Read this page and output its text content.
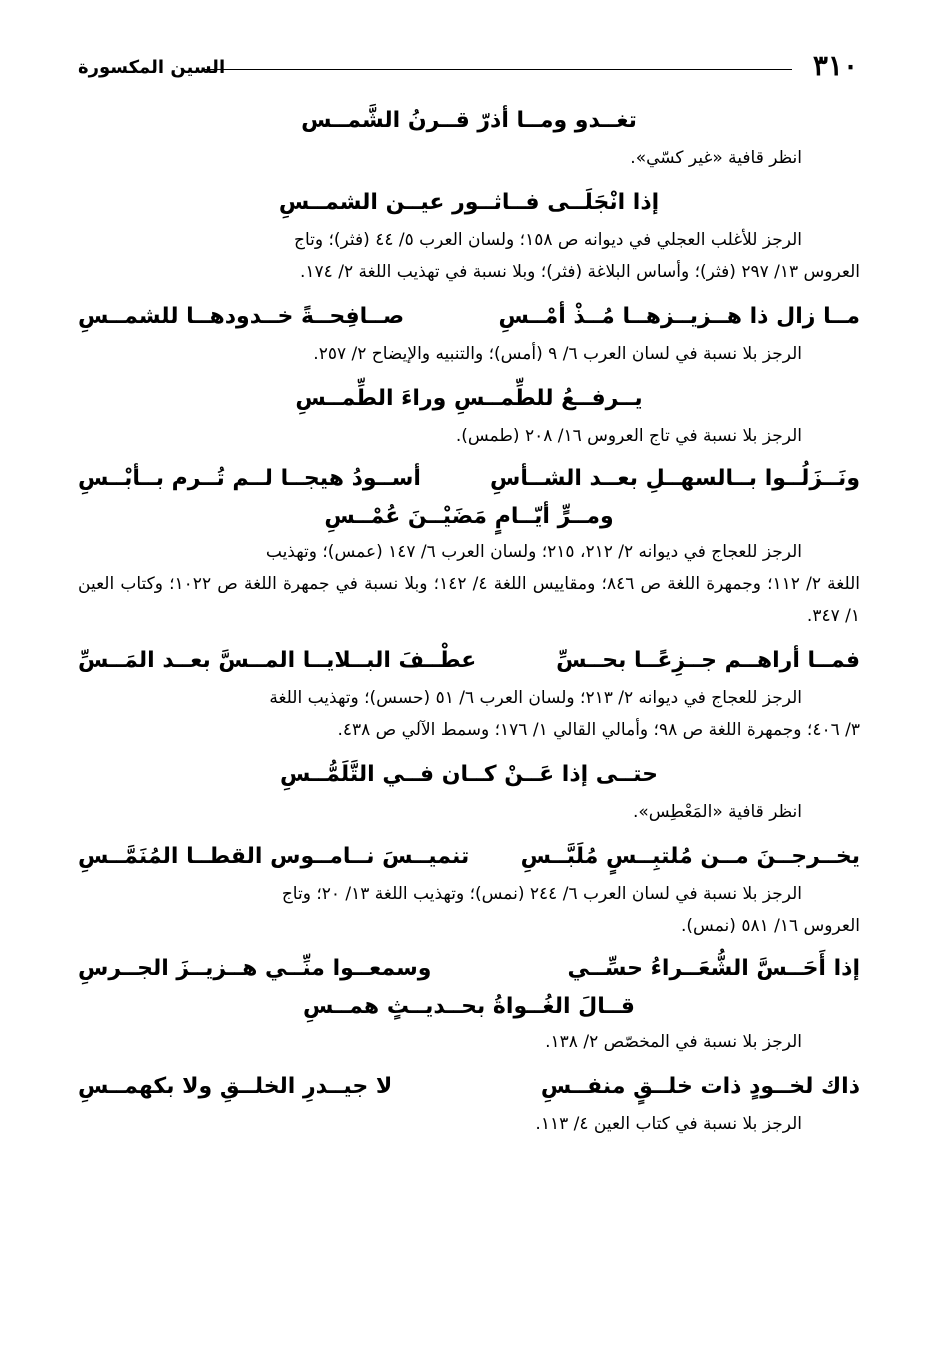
٣١٠
السين المكسورة
تغــدو ومــا أذرّ قــرنُ الشَّمــس
انظر قافية «غير كسّي».
إذا انْجَلَــى فــاثــور عيــن الشمــسِ
الرجز للأغلب العجلي في ديوانه ص ١٥٨؛ ولسان العرب ٥/ ٤٤ (فثر)؛ وتاج
العروس ١٣/ ٢٩٧ (فثر)؛ وأساس البلاغة (فثر)؛ وبلا نسبة في تهذيب اللغة ٢/ ١٧٤.
مــا زال ذا هــزيــزهــا مُــذْ أمْــسِ
صــافِحــةً خــدودهــا للشمــسِ
الرجز بلا نسبة في لسان العرب ٦/ ٩ (أمس)؛ والتنبيه والإيضاح ٢/ ٢٥٧.
يــرفــعُ للطِّمــسِ وراءَ الطِّمــسِ
الرجز بلا نسبة في تاج العروس ١٦/ ٢٠٨ (طمس).
ونَــزَلُــوا بــالسهــلِ بعــد الشــأسِ
أســودُ هيجــا لــم تُــرم بــأبْــسِ
ومــرٍّ أيّــامٍ مَضَيْــنَ عُمْــسِ
الرجز للعجاج في ديوانه ٢/ ٢١٢، ٢١٥؛ ولسان العرب ٦/ ١٤٧ (عمس)؛ وتهذيب
اللغة ٢/ ١١٢؛ وجمهرة اللغة ص ٨٤٦؛ ومقاييس اللغة ٤/ ١٤٢؛ وبلا نسبة في جمهرة اللغة ص ١٠٢٢؛ وكتاب العين ١/ ٣٤٧.
فمــا أراهــم جــزِعًــا بحــسِّ
عطْــفَ البــلايــا المــسَّ بعــد المَــسِّ
الرجز للعجاج في ديوانه ٢/ ٢١٣؛ ولسان العرب ٦/ ٥١ (حسس)؛ وتهذيب اللغة
٣/ ٤٠٦؛ وجمهرة اللغة ص ٩٨؛ وأمالي القالي ١/ ١٧٦؛ وسمط الآلي ص ٤٣٨.
حتــى إذا عَــنْ كــان فــي التَّلَمُّــسِ
انظر قافية «المَعْطِس».
يخــرجــنَ مــن مُلتبِــسٍ مُلَبَّــسِ
تنميــسَ نــامــوس القطــا المُنَمَّــسِ
الرجز بلا نسبة في لسان العرب ٦/ ٢٤٤ (نمس)؛ وتهذيب اللغة ١٣/ ٢٠؛ وتاج
العروس ١٦/ ٥٨١ (نمس).
إذا أَحَــسَّ الشُّعَــراءُ حسِّــي
وسمعــوا منِّــي هــزيــزَ الجــرسِ
قــالَ الغُــواةُ بحــديــثٍ همــسِ
الرجز بلا نسبة في المخصّص ٢/ ١٣٨.
ذاك لخــودٍ ذات خلــقٍ منفــسِ
لا جيــدرِ الخلــقِ ولا بكهمــسِ
الرجز بلا نسبة في كتاب العين ٤/ ١١٣.
